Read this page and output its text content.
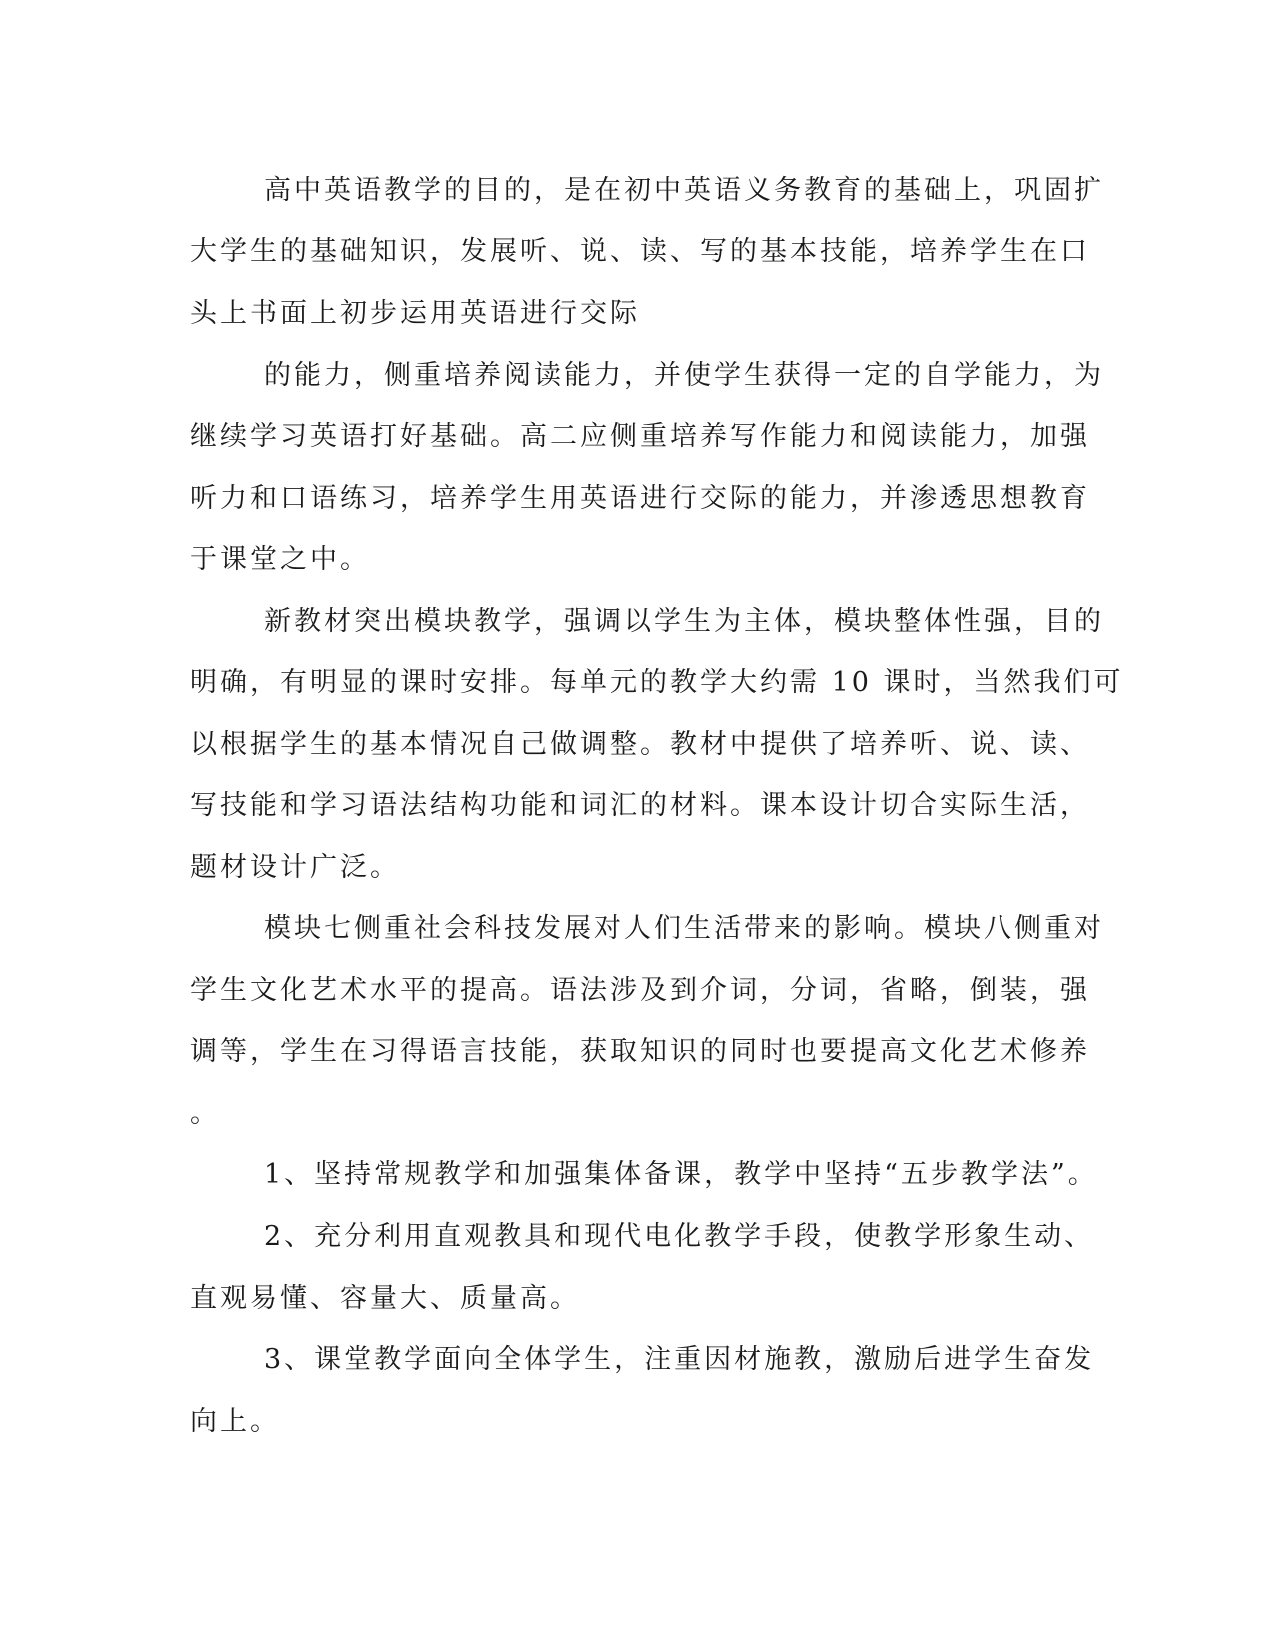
高中英语教学的目的，是在初中英语义务教育的基础上，巩固扩

大学生的基础知识，发展听、说、读、写的基本技能，培养学生在口

头上书面上初步运用英语进行交际

的能力，侧重培养阅读能力，并使学生获得一定的自学能力，为

继续学习英语打好基础。高二应侧重培养写作能力和阅读能力，加强

听力和口语练习，培养学生用英语进行交际的能力，并渗透思想教育

于课堂之中。

新教材突出模块教学，强调以学生为主体，模块整体性强，目的

明确，有明显的课时安排。每单元的教学大约需 10 课时，当然我们可

以根据学生的基本情况自己做调整。教材中提供了培养听、说、读、

写技能和学习语法结构功能和词汇的材料。课本设计切合实际生活，

题材设计广泛。

模块七侧重社会科技发展对人们生活带来的影响。模块八侧重对

学生文化艺术水平的提高。语法涉及到介词，分词，省略，倒装，强

调等，学生在习得语言技能，获取知识的同时也要提高文化艺术修养

。

1、坚持常规教学和加强集体备课，教学中坚持“五步教学法”。

2、充分利用直观教具和现代电化教学手段，使教学形象生动、

直观易懂、容量大、质量高。

3、课堂教学面向全体学生，注重因材施教，激励后进学生奋发

向上。
